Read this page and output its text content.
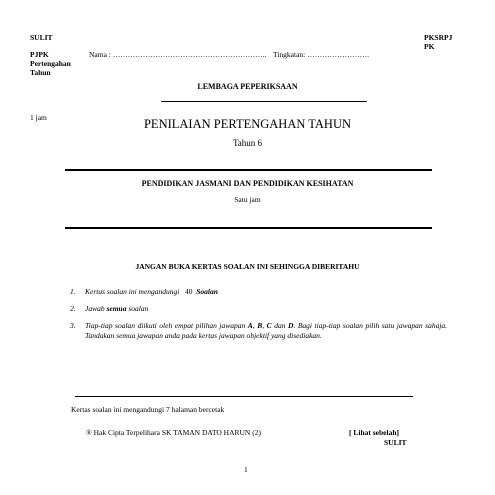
SULIT	PKSRPJ
PK
PJPK
Pertengahan
Tahun
Nama : …………………………………………………….. Tingkatan: …………………….
LEMBAGA PEPERIKSAAN
1 jam	PENILAIAN PERTENGAHAN TAHUN
Tahun 6
PENDIDIKAN JASMANI DAN PENDIDIKAN KESIHATAN
Satu jam
JANGAN BUKA KERTAS SOALAN INI SEHINGGA DIBERITAHU
1. Kertas soalan ini mengandungi 40 Soalan
2. Jawab semua soalan
3. Tiap-tiap soalan diikuti oleh empat pilihan jawapan A, B, C dan D. Bagi tiap-tiap soalan pilih satu jawapan sahaja. Tandakan semua jawapan anda pada kertas jawapan objektif yang disediakan.
Kertas soalan ini mengandungi 7 halaman bercetak
® Hak Cipta Terpelihara SK TAMAN DATO HARUN (2)	[ Lihat sebelah]
SULIT
1
